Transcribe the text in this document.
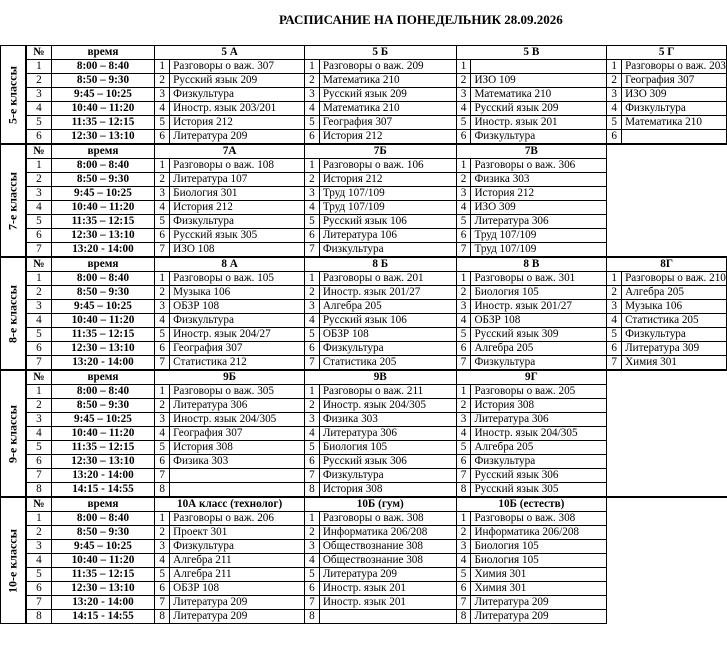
РАСПИСАНИЕ НА ПОНЕДЕЛЬНИК 28.09.2026
5-е классы	№	время	5 А		5 Б		5 В		5 Г	
	1	8:00 – 8:40	1	Разговоры о важ. 307	1	Разговоры о важ. 209	1		1	Разговоры о важ. 203
	2	8:50 – 9:30	2	Русский язык 209	2	Математика 210	2	ИЗО 109	2	География 307
	3	9:45 – 10:25	3	Физкультура	3	Русский язык 209	3	Математика 210	3	ИЗО 309
	4	10:40 – 11:20	4	Иностр. язык 203/201	4	Математика 210	4	Русский язык 209	4	Физкультура
	5	11:35 – 12:15	5	История 212	5	География 307	5	Иностр. язык 201	5	Математика 210
	6	12:30 – 13:10	6	Литература 209	6	История 212	6	Физкультура	6	

7-е классы	№	время	7А		7Б		7В			
	1	8:00 – 8:40	1	Разговоры о важ. 108	1	Разговоры о важ. 106	1	Разговоры о важ. 306		
	2	8:50 – 9:30	2	Литература 107	2	История 212	2	Физика 303		
	3	9:45 – 10:25	3	Биология 301	3	Труд 107/109	3	История 212		
	4	10:40 – 11:20	4	История 212	4	Труд 107/109	4	ИЗО 309		
	5	11:35 – 12:15	5	Физкультура	5	Русский язык 106	5	Литература 306		
	6	12:30 – 13:10	6	Русский язык 305	6	Литература 106	6	Труд 107/109		
	7	13:20 - 14:00	7	ИЗО 108	7	Физкультура	7	Труд 107/109		

8-е классы	№	время	8 А		8 Б		8 В		8Г	
	1	8:00 – 8:40	1	Разговоры о важ. 105	1	Разговоры о важ. 201	1	Разговоры о важ. 301	1	Разговоры о важ. 210
	2	8:50 – 9:30	2	Музыка 106	2	Иностр. язык 201/27	2	Биология 105	2	Алгебра 205
	3	9:45 – 10:25	3	ОБЗР 108	3	Алгебра 205	3	Иностр. язык 201/27	3	Музыка 106
	4	10:40 – 11:20	4	Физкультура	4	Русский язык 106	4	ОБЗР 108	4	Статистика 205
	5	11:35 – 12:15	5	Иностр. язык 204/27	5	ОБЗР 108	5	Русский язык 309	5	Физкультура
	6	12:30 – 13:10	6	География 307	6	Физкультура	6	Алгебра 205	6	Литература 309
	7	13:20 - 14:00	7	Статистика 212	7	Статистика 205	7	Физкультура	7	Химия 301

9-е классы	№	время	9Б		9В		9Г			
	1	8:00 – 8:40	1	Разговоры о важ. 305	1	Разговоры о важ. 211	1	Разговоры о важ. 205		
	2	8:50 – 9:30	2	Литература 306	2	Иностр. язык 204/305	2	История 308		
	3	9:45 – 10:25	3	Иностр. язык 204/305	3	Физика 303	3	Литература 306		
	4	10:40 – 11:20	4	География 307	4	Литература 306	4	Иностр. язык 204/305		
	5	11:35 – 12:15	5	История 308	5	Биология 105	5	Алгебра 205		
	6	12:30 – 13:10	6	Физика 303	6	Русский язык 306	6	Физкультура		
	7	13:20 - 14:00	7		7	Физкультура	7	Русский язык 306		
	8	14:15 - 14:55	8		8	История 308	8	Русский язык 305		

10-е классы	№	время	10А класс (технолог)		10Б (гум)		10Б (естеств)			
	1	8:00 – 8:40	1	Разговоры о важ. 206	1	Разговоры о важ. 308	1	Разговоры о важ. 308		
	2	8:50 – 9:30	2	Проект 301	2	Информатика 206/208	2	Информатика 206/208		
	3	9:45 – 10:25	3	Физкультура	3	Обществознание 308	3	Биология 105		
	4	10:40 – 11:20	4	Алгебра 211	4	Обществознание 308	4	Биология 105		
	5	11:35 – 12:15	5	Алгебра 211	5	Литература 209	5	Химия 301		
	6	12:30 – 13:10	6	ОБЗР 108	6	Иностр. язык 201	6	Химия 301		
	7	13:20 - 14:00	7	Литература 209	7	Иностр. язык 201	7	Литература 209		
	8	14:15 - 14:55	8	Литература 209	8		8	Литература 209		
